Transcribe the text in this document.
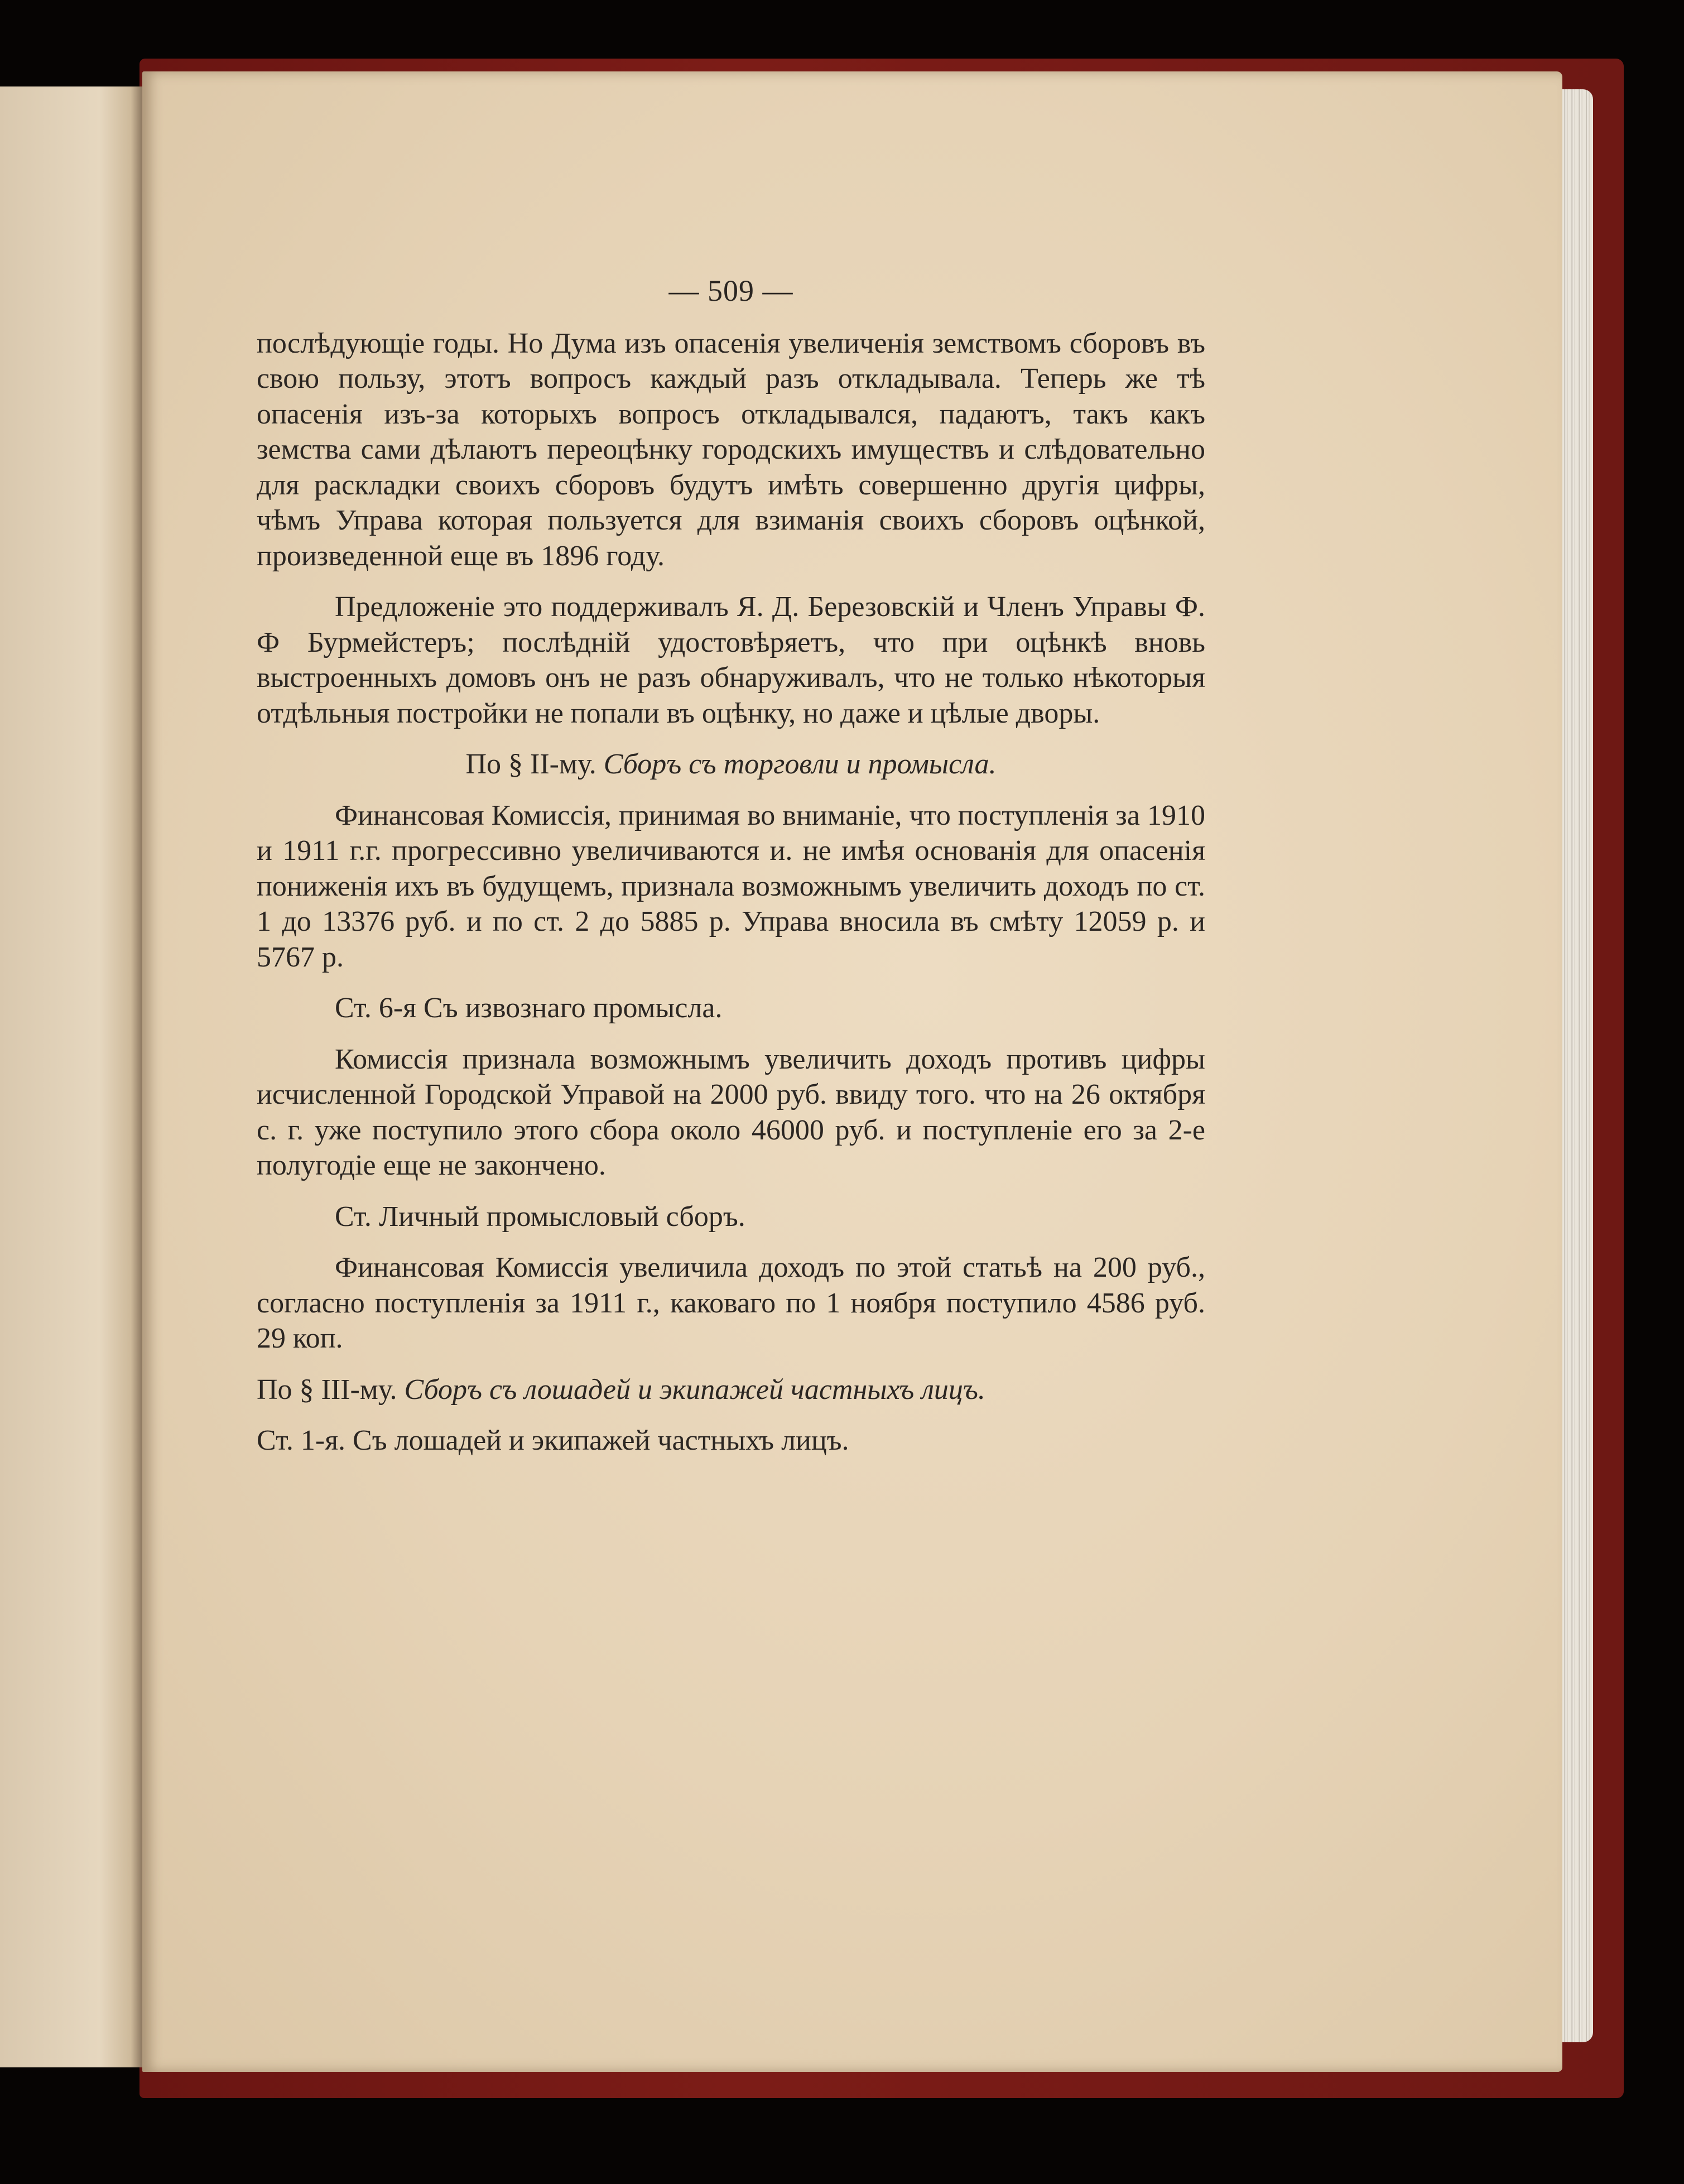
— 509 —

послѣдующіе годы. Но Дума изъ опасенія увеличенія земствомъ сборовъ въ свою пользу, этотъ вопросъ каждый разъ откладывала. Теперь же тѣ опасенія изъ-за которыхъ вопросъ откладывался, падаютъ, такъ какъ земства сами дѣлаютъ переоцѣнку городскихъ имуществъ и слѣдовательно для раскладки своихъ сборовъ будутъ имѣть совершенно другія цифры, чѣмъ Управа которая пользуется для взиманія своихъ сборовъ оцѣнкой, произведенной еще въ 1896 году.

Предложеніе это поддерживалъ Я. Д. Березовскій и Членъ Управы Ф. Ф Бурмейстеръ; послѣдній удостовѣряетъ, что при оцѣнкѣ вновь выстроенныхъ домовъ онъ не разъ обнаруживалъ, что не только нѣкоторыя отдѣльныя постройки не попали въ оцѣнку, но даже и цѣлые дворы.

По § II-му. Сборъ съ торговли и промысла.

Финансовая Комиссія, принимая во вниманіе, что поступленія за 1910 и 1911 г.г. прогрессивно увеличиваются и. не имѣя основанія для опасенія пониженія ихъ въ будущемъ, признала возможнымъ увеличить доходъ по ст. 1 до 13376 руб. и по ст. 2 до 5885 р. Управа вносила въ смѣту 12059 р. и 5767 р.

Ст. 6-я Съ извознаго промысла.

Комиссія признала возможнымъ увеличить доходъ противъ цифры исчисленной Городской Управой на 2000 руб. ввиду того. что на 26 октября с. г. уже поступило этого сбора около 46000 руб. и поступленіе его за 2-е полугодіе еще не закончено.

Ст. Личный промысловый сборъ.

Финансовая Комиссія увеличила доходъ по этой статьѣ на 200 руб., согласно поступленія за 1911 г., каковаго по 1 ноября поступило 4586 руб. 29 коп.

По § III-му. Сборъ съ лошадей и экипажей частныхъ лицъ.

Ст. 1-я. Съ лошадей и экипажей частныхъ лицъ.
